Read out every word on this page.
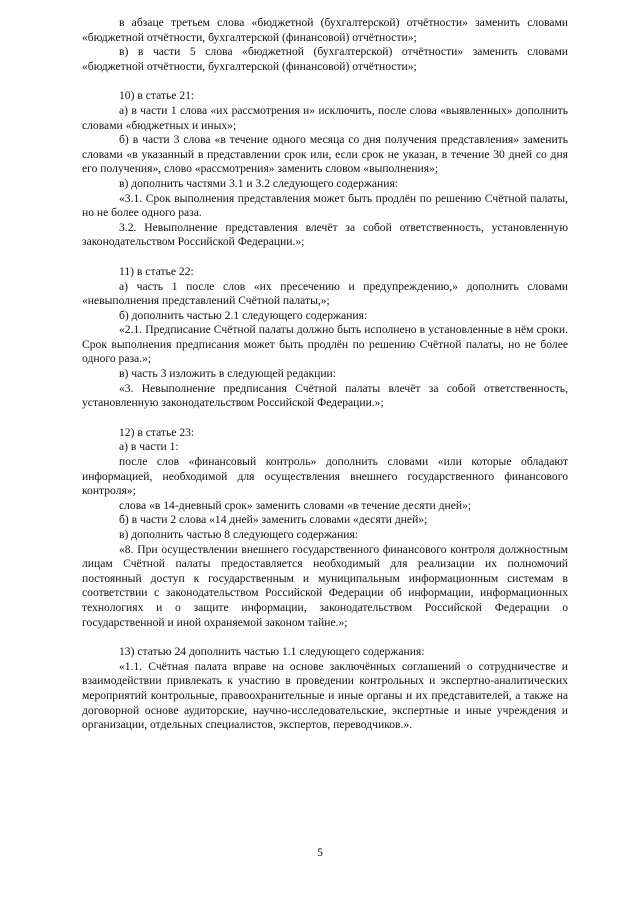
в абзаце третьем слова «бюджетной (бухгалтерской) отчётности» заменить словами «бюджетной отчётности, бухгалтерской (финансовой) отчётности»;

в) в части 5 слова «бюджетной (бухгалтерской) отчётности» заменить словами «бюджетной отчётности, бухгалтерской (финансовой) отчётности»;

10) в статье 21:

а) в части 1 слова «их рассмотрения и» исключить, после слова «выявленных» дополнить словами «бюджетных и иных»;

б) в части 3 слова «в течение одного месяца со дня получения представления» заменить словами «в указанный в представлении срок или, если срок не указан, в течение 30 дней со дня его получения», слово «рассмотрения» заменить словом «выполнения»;

в) дополнить частями 3.1 и 3.2 следующего содержания:

«3.1. Срок выполнения представления может быть продлён по решению Счётной палаты, но не более одного раза.

3.2. Невыполнение представления влечёт за собой ответственность, установленную законодательством Российской Федерации.»;

11) в статье 22:

а) часть 1 после слов «их пресечению и предупреждению,» дополнить словами «невыполнения представлений Счётной палаты,»;

б) дополнить частью 2.1 следующего содержания:

«2.1. Предписание Счётной палаты должно быть исполнено в установленные в нём сроки. Срок выполнения предписания может быть продлён по решению Счётной палаты, но не более одного раза.»;

в) часть 3 изложить в следующей редакции:

«3. Невыполнение предписания Счётной палаты влечёт за собой ответственность, установленную законодательством Российской Федерации.»;

12) в статье 23:

а) в части 1:

после слов «финансовый контроль» дополнить словами «или которые обладают информацией, необходимой для осуществления внешнего государственного финансового контроля»;

слова «в 14-дневный срок» заменить словами «в течение десяти дней»;

б) в части 2 слова «14 дней» заменить словами «десяти дней»;

в) дополнить частью 8 следующего содержания:

«8. При осуществлении внешнего государственного финансового контроля должностным лицам Счётной палаты предоставляется необходимый для реализации их полномочий постоянный доступ к государственным и муниципальным информационным системам в соответствии с законодательством Российской Федерации об информации, информационных технологиях и о защите информации, законодательством Российской Федерации о государственной и иной охраняемой законом тайне.»;

13) статью 24 дополнить частью 1.1 следующего содержания:

«1.1. Счётная палата вправе на основе заключённых соглашений о сотрудничестве и взаимодействии привлекать к участию в проведении контрольных и экспертно-аналитических мероприятий контрольные, правоохранительные и иные органы и их представителей, а также на договорной основе аудиторские, научно-исследовательские, экспертные и иные учреждения и организации, отдельных специалистов, экспертов, переводчиков.».

5
